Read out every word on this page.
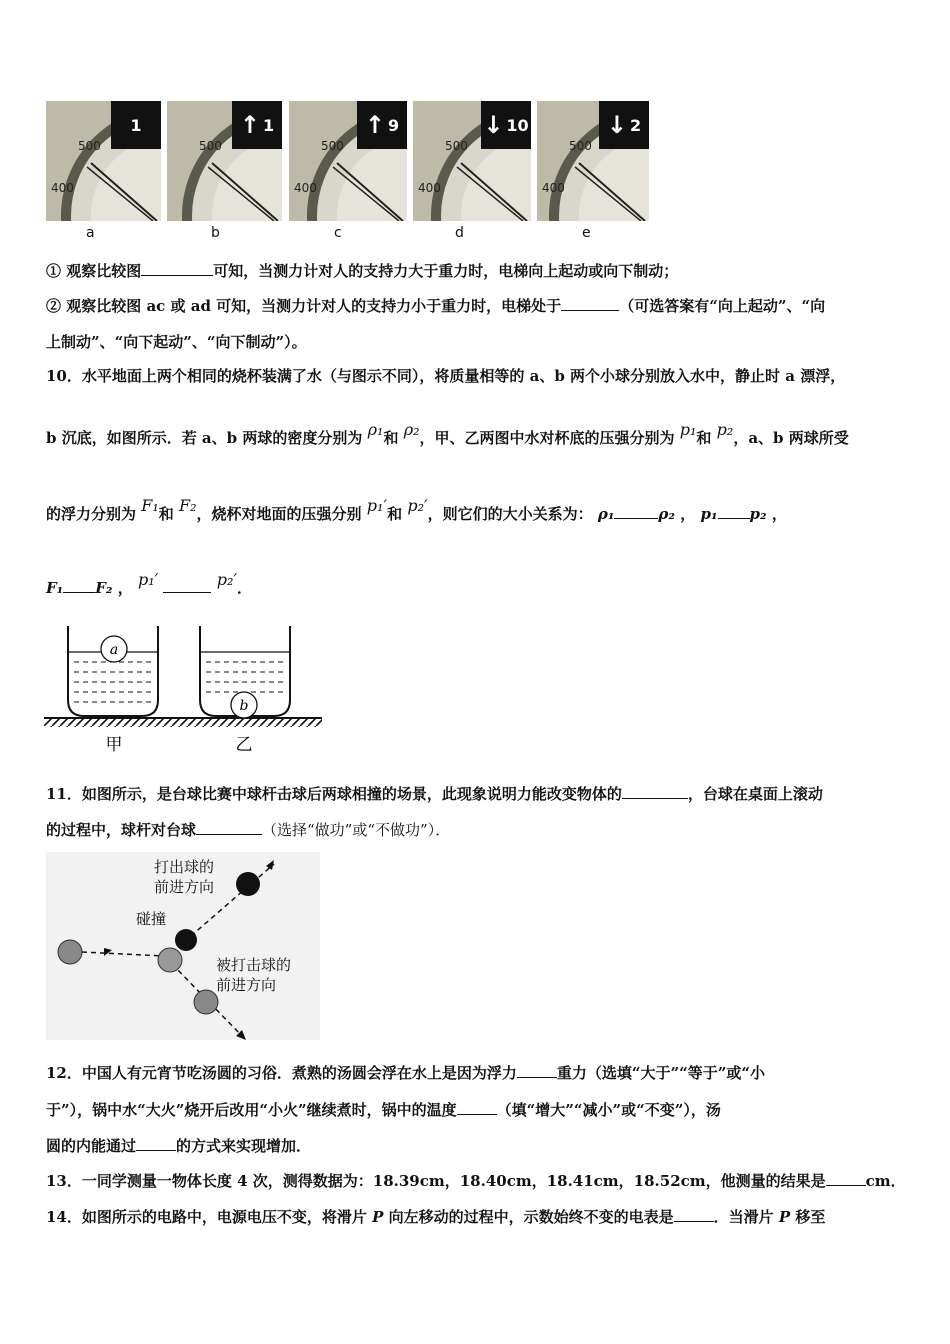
500
400
1
a
500
↑ 1
b
500
400
↑ 9
c
500
400
↓ 10
d
500
400
↓ 2
e
① 观察比较图	可知，当测力计对人的支持力大于重力时，电梯向上起动或向下制动；
② 观察比较图 ac 或 ad 可知，当测力计对人的支持力小于重力时，电梯处于	（可选答案有“向上起动”、“向
上制动”、“向下起动”、“向下制动”）。
10．水平地面上两个相同的烧杯装满了水（与图示不同），将质量相等的 a、b 两个小球分别放入水中，静止时 a 漂浮，
b 沉底，如图所示．若 a、b 两球的密度分别为 ρ₁和 ρ₂，甲、乙两图中水对杯底的压强分别为 p₁和 p₂，a、b 两球所受
的浮力分别为 F₁和 F₂，烧杯对地面的压强分别 p₁′和 p₂′，则它们的大小关系为： ρ₁	ρ₂ ， p₁ p₂ ，
F₁ F₂ ， p₁′	p₂′．
a
b
甲	乙
11．如图所示，是台球比赛中球杆击球后两球相撞的场景，此现象说明力能改变物体的	，台球在桌面上滚动
的过程中，球杆对台球	（选择“做功”或“不做功”）．
打出球的
前进方向
碰撞
被打击球的
前进方向
12．中国人有元宵节吃汤圆的习俗．煮熟的汤圆会浮在水上是因为浮力	重力（选填“大于”“等于”或“小
于”），锅中水“大火”烧开后改用“小火”继续煮时，锅中的温度	（填“增大”“减小”或“不变”），汤
圆的内能通过	的方式来实现增加．
13．一同学测量一物体长度 4 次，测得数据为：18.39cm，18.40cm，18.41cm，18.52cm，他测量的结果是	cm．
14．如图所示的电路中，电源电压不变，将滑片 P 向左移动的过程中，示数始终不变的电表是	．当滑片 P 移至
